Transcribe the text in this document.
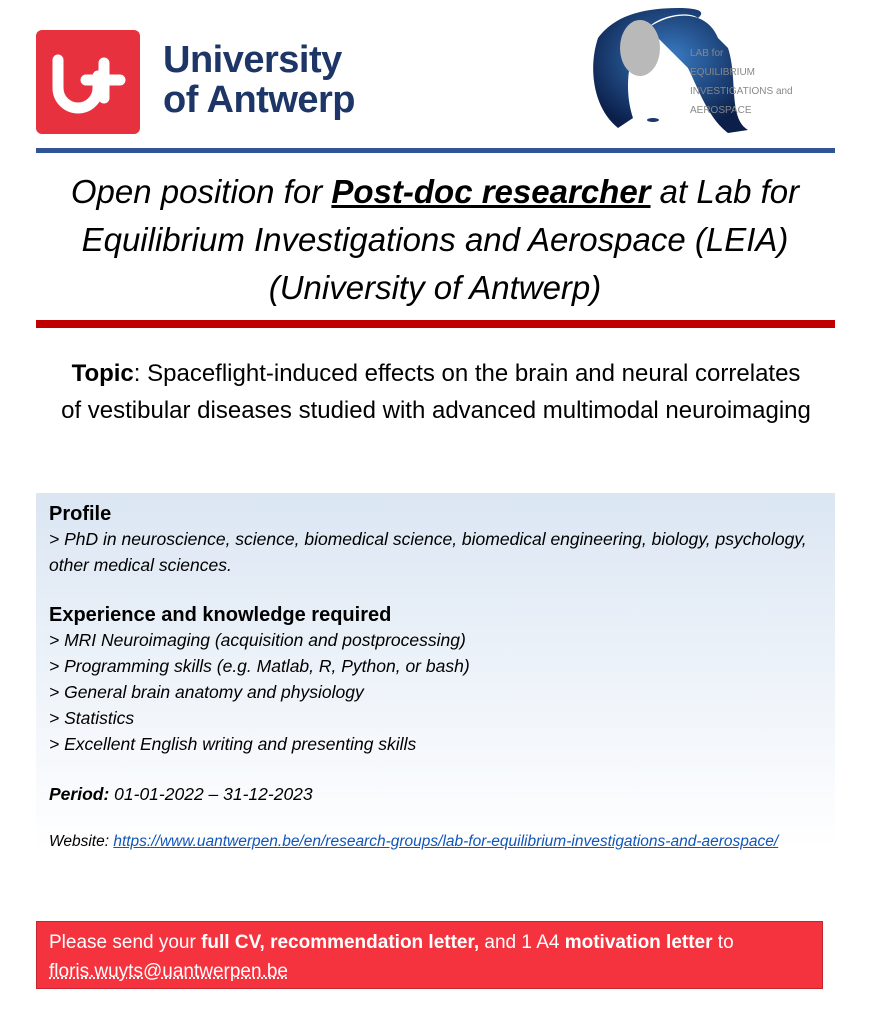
University
of Antwerp
LAB for
EQUILIBRIUM
INVESTIGATIONS and
AEROSPACE
Open position for Post-doc researcher at Lab for Equilibrium Investigations and Aerospace (LEIA) (University of Antwerp)
Topic: Spaceflight-induced effects on the brain and neural correlates of vestibular diseases studied with advanced multimodal neuroimaging

Profile

> PhD in neuroscience, science, biomedical science, biomedical engineering, biology, psychology, other medical sciences.

Experience and knowledge required

> MRI Neuroimaging (acquisition and postprocessing)

> Programming skills (e.g. Matlab, R, Python, or bash)

> General brain anatomy and physiology

> Statistics

> Excellent English writing and presenting skills

Period: 01-01-2022 – 31-12-2023

Website: https://www.uantwerpen.be/en/research-groups/lab-for-equilibrium-investigations-and-aerospace/

Please send your full CV, recommendation letter, and 1 A4 motivation letter to
floris.wuyts@uantwerpen.be
